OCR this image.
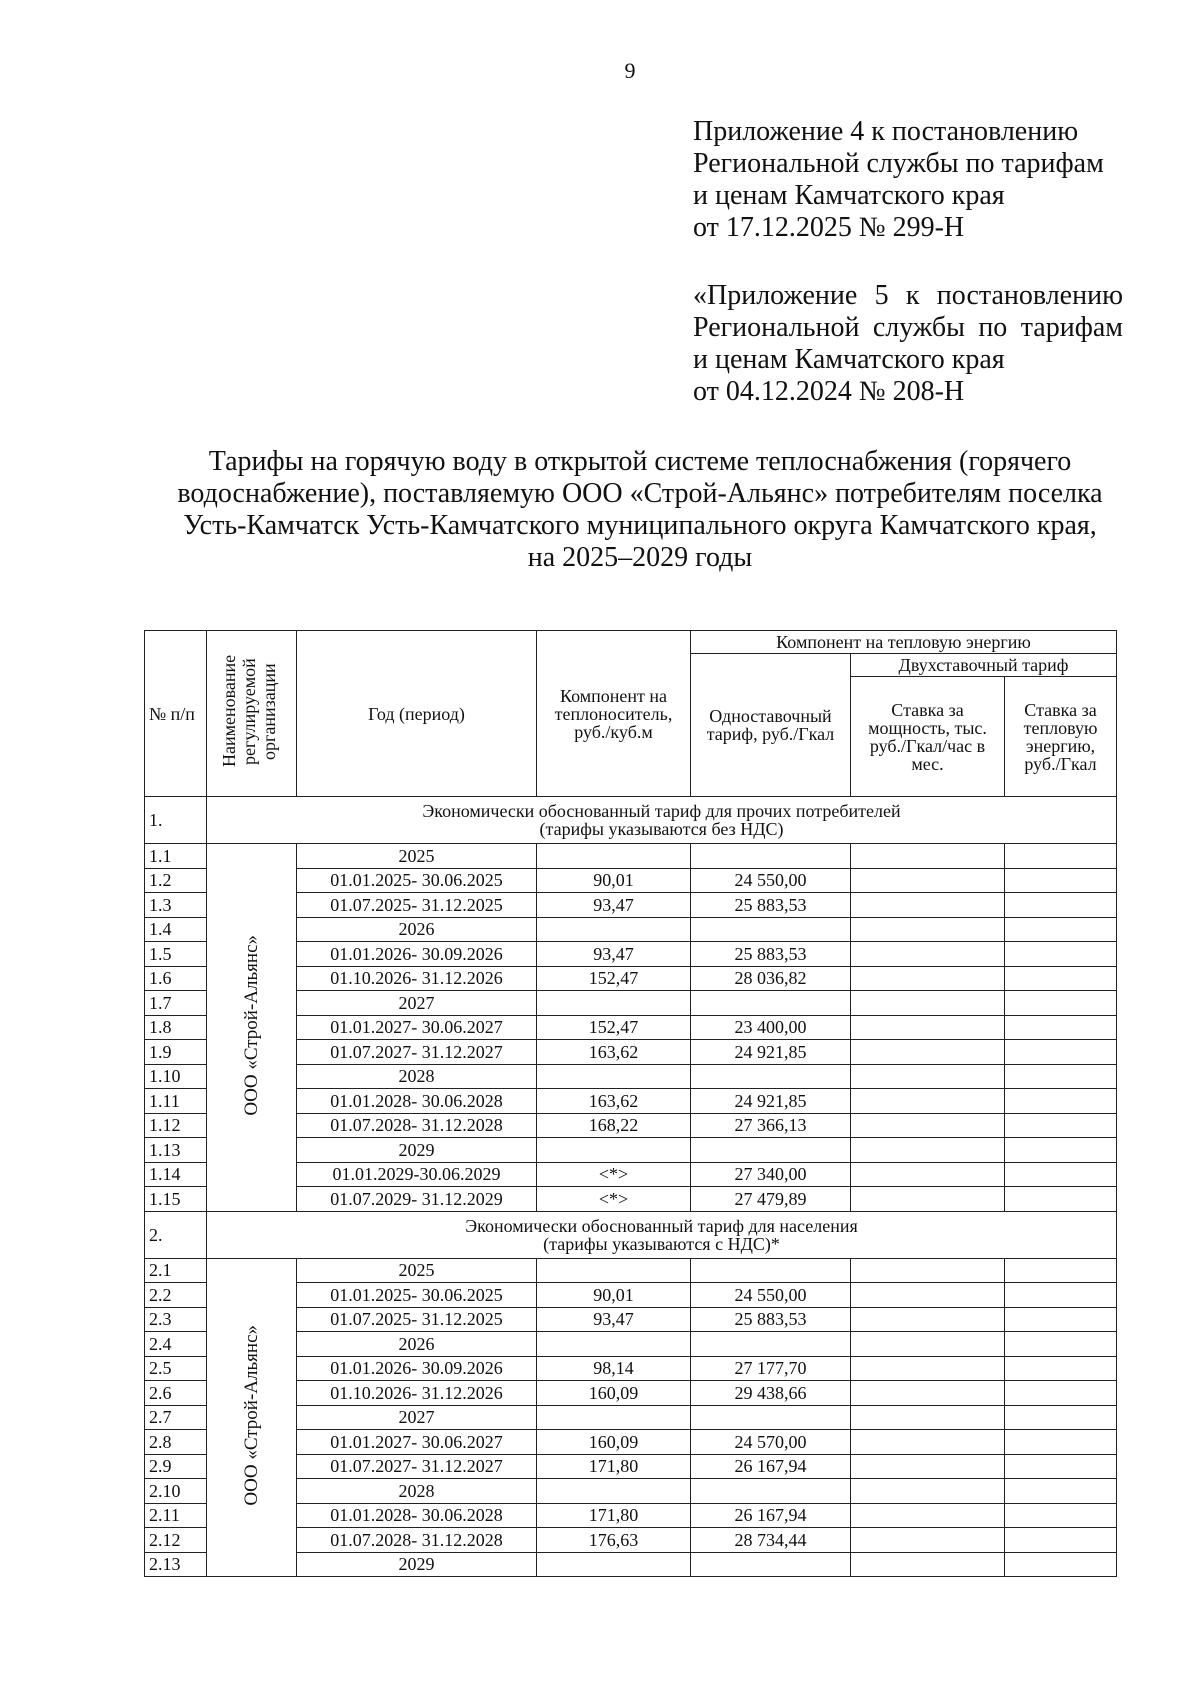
9
Приложение 4 к постановлению
Региональной службы по тарифам
и ценам Камчатского края
от 17.12.2025 № 299-Н
«Приложение 5 к постановлению
Региональной службы по тарифам
и ценам Камчатского края
от 04.12.2024 № 208-Н
Тарифы на горячую воду в открытой системе теплоснабжения (горячего
водоснабжение), поставляемую ООО «Строй-Альянс» потребителям поселка
Усть-Камчатск Усть-Камчатского муниципального округа Камчатского края,
на 2025–2029 годы
№ п/п	Наименование регулируемой организации	Год (период)	Компонент на теплоноситель, руб./куб.м	Компонент на тепловую энергию		
				Одноставочный тариф, руб./Гкал	Двухставочный тариф	
					Ставка за мощность, тыс. руб./Гкал/час в мес.	Ставка за тепловую энергию, руб./Гкал
1.	Экономически обоснованный тариф для прочих потребителей
(тарифы указываются без НДС)					

1.1	ООО «Строй-Альянс»	2025				
1.2		01.01.2025- 30.06.2025	90,01	24 550,00		
1.3		01.07.2025- 31.12.2025	93,47	25 883,53		
1.4		2026				
1.5		01.01.2026- 30.09.2026	93,47	25 883,53		
1.6		01.10.2026- 31.12.2026	152,47	28 036,82		
1.7		2027				
1.8		01.01.2027- 30.06.2027	152,47	23 400,00		
1.9		01.07.2027- 31.12.2027	163,62	24 921,85		
1.10		2028				
1.11		01.01.2028- 30.06.2028	163,62	24 921,85		
1.12		01.07.2028- 31.12.2028	168,22	27 366,13		
1.13		2029				
1.14		01.01.2029-30.06.2029	<*>	27 340,00		
1.15		01.07.2029- 31.12.2029	<*>	27 479,89		
2.	Экономически обоснованный тариф для населения
(тарифы указываются с НДС)*					

2.1	ООО «Строй-Альянс»	2025				
2.2		01.01.2025- 30.06.2025	90,01	24 550,00		
2.3		01.07.2025- 31.12.2025	93,47	25 883,53		
2.4		2026				
2.5		01.01.2026- 30.09.2026	98,14	27 177,70		
2.6		01.10.2026- 31.12.2026	160,09	29 438,66		
2.7		2027				
2.8		01.01.2027- 30.06.2027	160,09	24 570,00		
2.9		01.07.2027- 31.12.2027	171,80	26 167,94		
2.10		2028				
2.11		01.01.2028- 30.06.2028	171,80	26 167,94		
2.12		01.07.2028- 31.12.2028	176,63	28 734,44		
2.13		2029				
